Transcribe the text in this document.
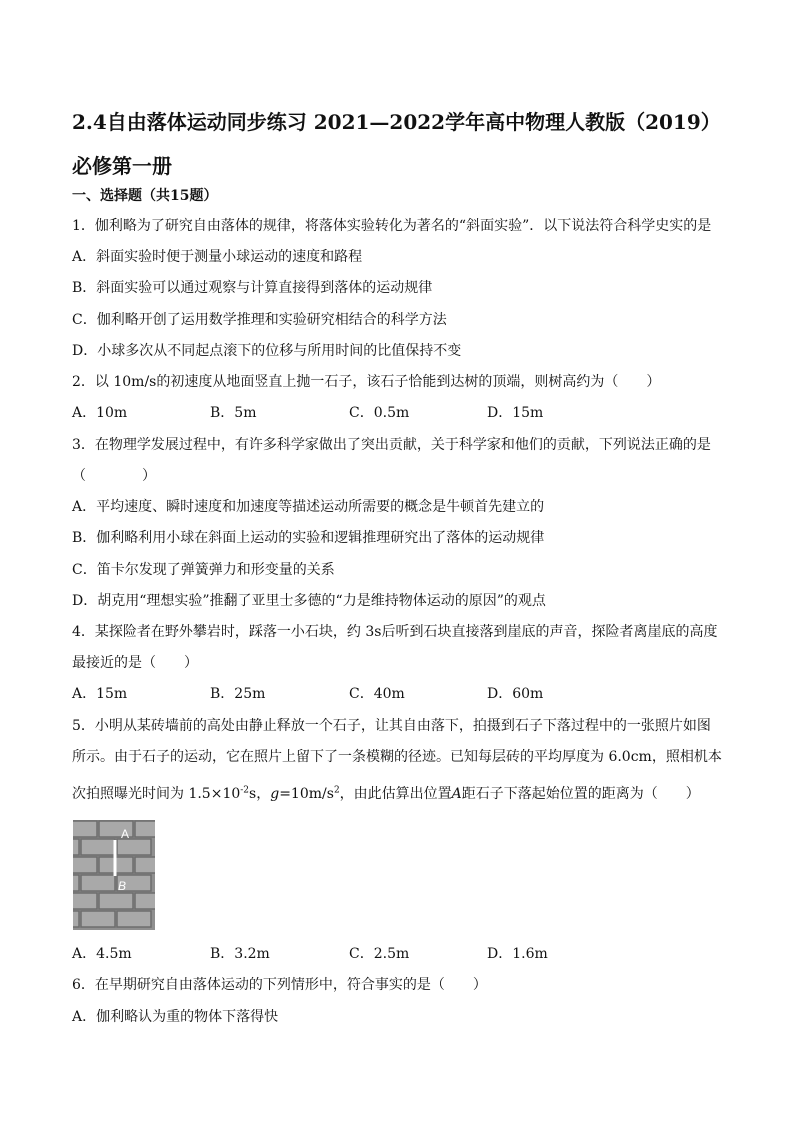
2.4自由落体运动同步练习 2021—2022学年高中物理人教版（2019）必修第一册
一、选择题（共15题）
1．伽利略为了研究自由落体的规律，将落体实验转化为著名的“斜面实验”．以下说法符合科学史实的是
A．斜面实验时便于测量小球运动的速度和路程
B．斜面实验可以通过观察与计算直接得到落体的运动规律
C．伽利略开创了运用数学推理和实验研究相结合的科学方法
D．小球多次从不同起点滚下的位移与所用时间的比值保持不变
2．以 10m/s的初速度从地面竖直上抛一石子，该石子恰能到达树的顶端，则树高约为（　　）
A．10m	B．5m	C．0.5m	D．15m
3．在物理学发展过程中，有许多科学家做出了突出贡献，关于科学家和他们的贡献，下列说法正确的是
（　　　　）
A．平均速度、瞬时速度和加速度等描述运动所需要的概念是牛顿首先建立的
B．伽利略利用小球在斜面上运动的实验和逻辑推理研究出了落体的运动规律
C．笛卡尔发现了弹簧弹力和形变量的关系
D．胡克用“理想实验”推翻了亚里士多德的“力是维持物体运动的原因”的观点
4．某探险者在野外攀岩时，踩落一小石块，约 3s后听到石块直接落到崖底的声音，探险者离崖底的高度
最接近的是（　　）
A．15m	B．25m	C．40m	D．60m
5．小明从某砖墙前的高处由静止释放一个石子，让其自由落下，拍摄到石子下落过程中的一张照片如图
所示。由于石子的运动，它在照片上留下了一条模糊的径迹。已知每层砖的平均厚度为 6.0cm，照相机本
次拍照曝光时间为 $1.5\times 10^{-2}s$，$g=10m/s^2$，由此估算出位置A距石子下落起始位置的距离为（　　）
A
B
A．4.5m	B．3.2m	C．2.5m	D．1.6m
6．在早期研究自由落体运动的下列情形中，符合事实的是（　　）
A．伽利略认为重的物体下落得快
